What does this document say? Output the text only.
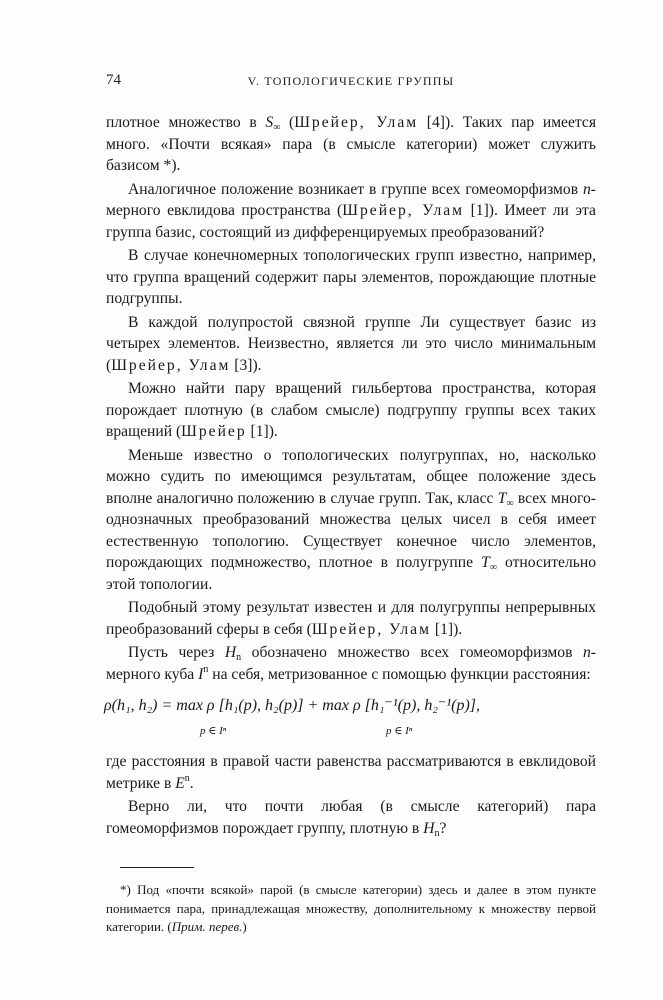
74	V. ТОПОЛОГИЧЕСКИЕ ГРУППЫ

плотное множество в $S_\infty$ (Шрейер, Улам [4]). Таких пар имеется много. «Почти всякая» пара (в смысле категории) может служить базисом *).

Аналогичное положение возникает в группе всех гомеоморфизмов n-мерного евклидова пространства (Шрейер, Улам [1]). Имеет ли эта группа базис, состоящий из дифференцируемых преобразований?

В случае конечномерных топологических групп известно, например, что группа вращений содержит пары элементов, порождающие плотные подгруппы.

В каждой полупростой связной группе Ли существует базис из четырех элементов. Неизвестно, является ли это число минимальным (Шрейер, Улам [3]).

Можно найти пару вращений гильбертова пространства, которая порождает плотную (в слабом смысле) подгруппу группы всех таких вращений (Шрейер [1]).

Меньше известно о топологических полугруппах, но, насколько можно судить по имеющимся результатам, общее положение здесь вполне аналогично положению в случае групп. Так, класс $T_\infty$ всех много-однозначных преобразований множества целых чисел в себя имеет естественную топологию. Существует конечное число элементов, порождающих подмножество, плотное в полугруппе $T_\infty$ относительно этой топологии.

Подобный этому результат известен и для полугруппы непрерывных преобразований сферы в себя (Шрейер, Улам [1]).

Пусть через $H_n$ обозначено множество всех гомеоморфизмов n-мерного куба $I^n$ на себя, метризованное с помощью функции расстояния:

ρ(h₁, h₂) = max ρ [h₁(p), h₂(p)] + max ρ [h₁⁻¹(p), h₂⁻¹(p)],
p ∈ Iⁿ	p ∈ Iⁿ

где расстояния в правой части равенства рассматриваются в евклидовой метрике в $E^n$.

Верно ли, что почти любая (в смысле категорий) пара гомеоморфизмов порождает группу, плотную в $H_n$?

*) Под «почти всякой» парой (в смысле категории) здесь и далее в этом пункте понимается пара, принадлежащая множеству, дополнительному к множеству первой категории. (Прим. перев.)
